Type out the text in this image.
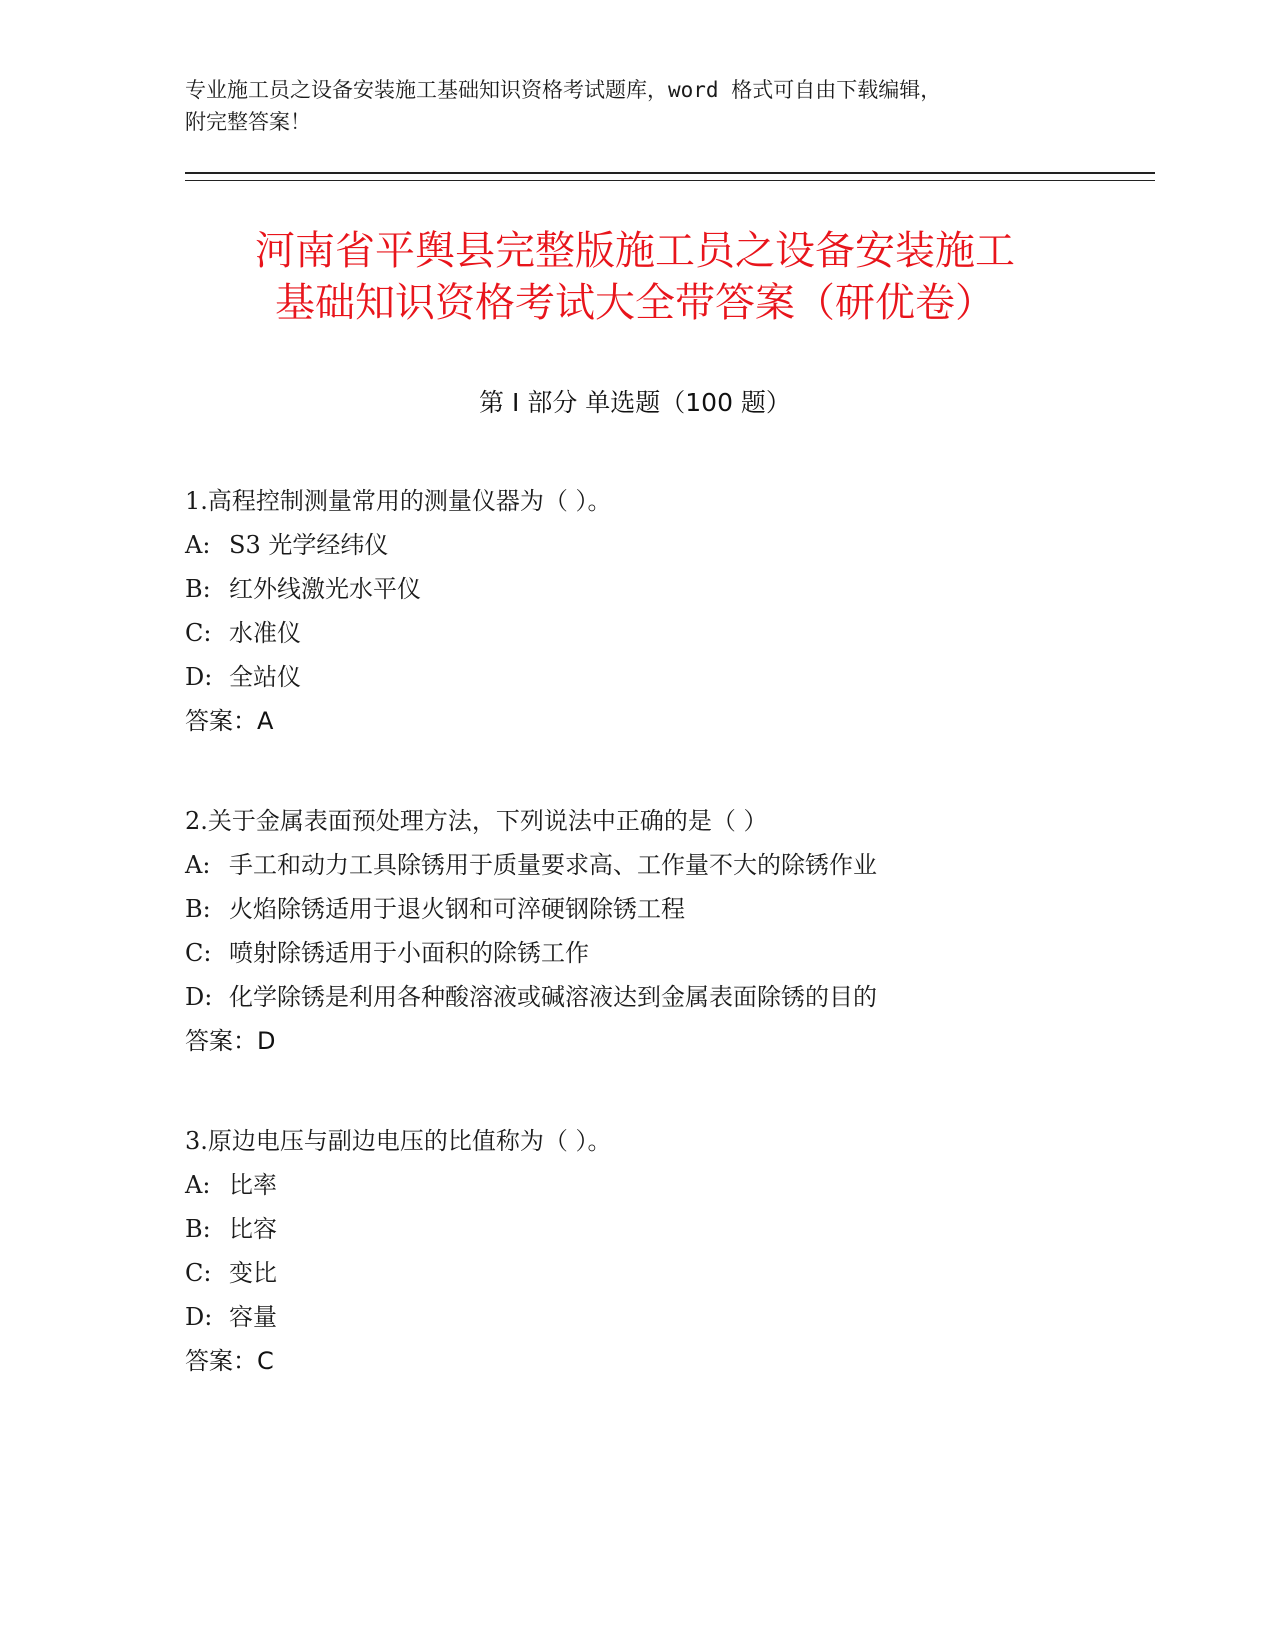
专业施工员之设备安装施工基础知识资格考试题库，word 格式可自由下载编辑，
附完整答案！
河南省平舆县完整版施工员之设备安装施工
基础知识资格考试大全带答案（研优卷）
第 I 部分 单选题（100 题）
1.高程控制测量常用的测量仪器为（ ）。
A: S3 光学经纬仪
B: 红外线激光水平仪
C: 水准仪
D: 全站仪
答案：A
2.关于金属表面预处理方法，下列说法中正确的是（ ）
A: 手工和动力工具除锈用于质量要求高、工作量不大的除锈作业
B: 火焰除锈适用于退火钢和可淬硬钢除锈工程
C: 喷射除锈适用于小面积的除锈工作
D: 化学除锈是利用各种酸溶液或碱溶液达到金属表面除锈的目的
答案：D
3.原边电压与副边电压的比值称为（ ）。
A: 比率
B: 比容
C: 变比
D: 容量
答案：C
